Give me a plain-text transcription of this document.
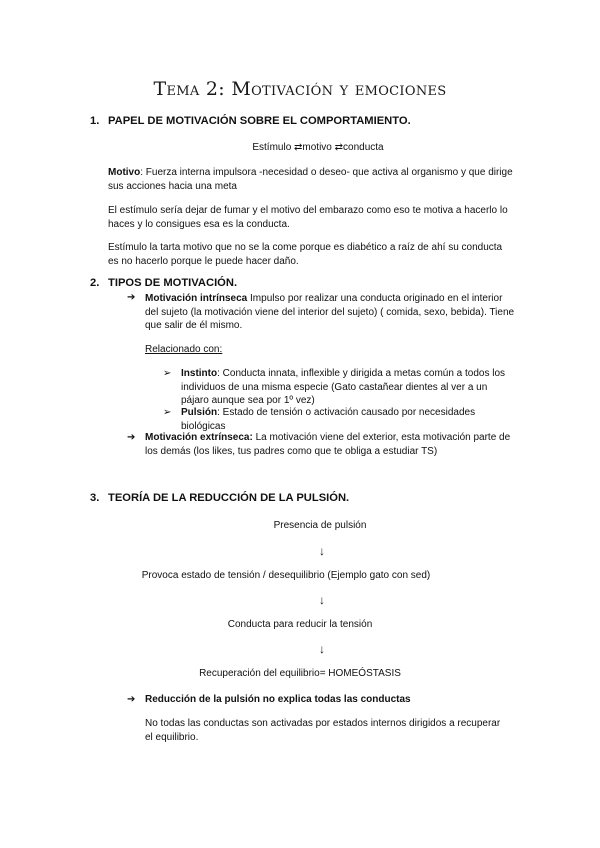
Tema 2: Motivación y emociones
1. PAPEL DE MOTIVACIÓN SOBRE EL COMPORTAMIENTO.
Estímulo ⇄motivo ⇄conducta
Motivo: Fuerza interna impulsora -necesidad o deseo- que activa al organismo y que dirige sus acciones hacia una meta
El estímulo sería dejar de fumar y el motivo del embarazo como eso te motiva a hacerlo lo haces y lo consigues esa es la conducta.
Estímulo la tarta motivo que no se la come porque es diabético a raíz de ahí su conducta es no hacerlo porque le puede hacer daño.
2. TIPOS DE MOTIVACIÓN.
➔ Motivación intrínseca Impulso por realizar una conducta originado en el interior del sujeto (la motivación viene del interior del sujeto) ( comida, sexo, bebida). Tiene que salir de él mismo.
Relacionado con:
➢ Instinto: Conducta innata, inflexible y dirigida a metas común a todos los individuos de una misma especie (Gato castañear dientes al ver a un pájaro aunque sea por 1º vez)
➢ Pulsión: Estado de tensión o activación causado por necesidades biológicas
➔ Motivación extrínseca: La motivación viene del exterior, esta motivación parte de los demás (los likes, tus padres como que te obliga a estudiar TS)
3. TEORÍA DE LA REDUCCIÓN DE LA PULSIÓN.
Presencia de pulsión
↓
Provoca estado de tensión / desequilibrio (Ejemplo gato con sed)
↓
Conducta para reducir la tensión
↓
Recuperación del equilibrio= HOMEÓSTASIS
➔ Reducción de la pulsión no explica todas las conductas
No todas las conductas son activadas por estados internos dirigidos a recuperar el equilibrio.
